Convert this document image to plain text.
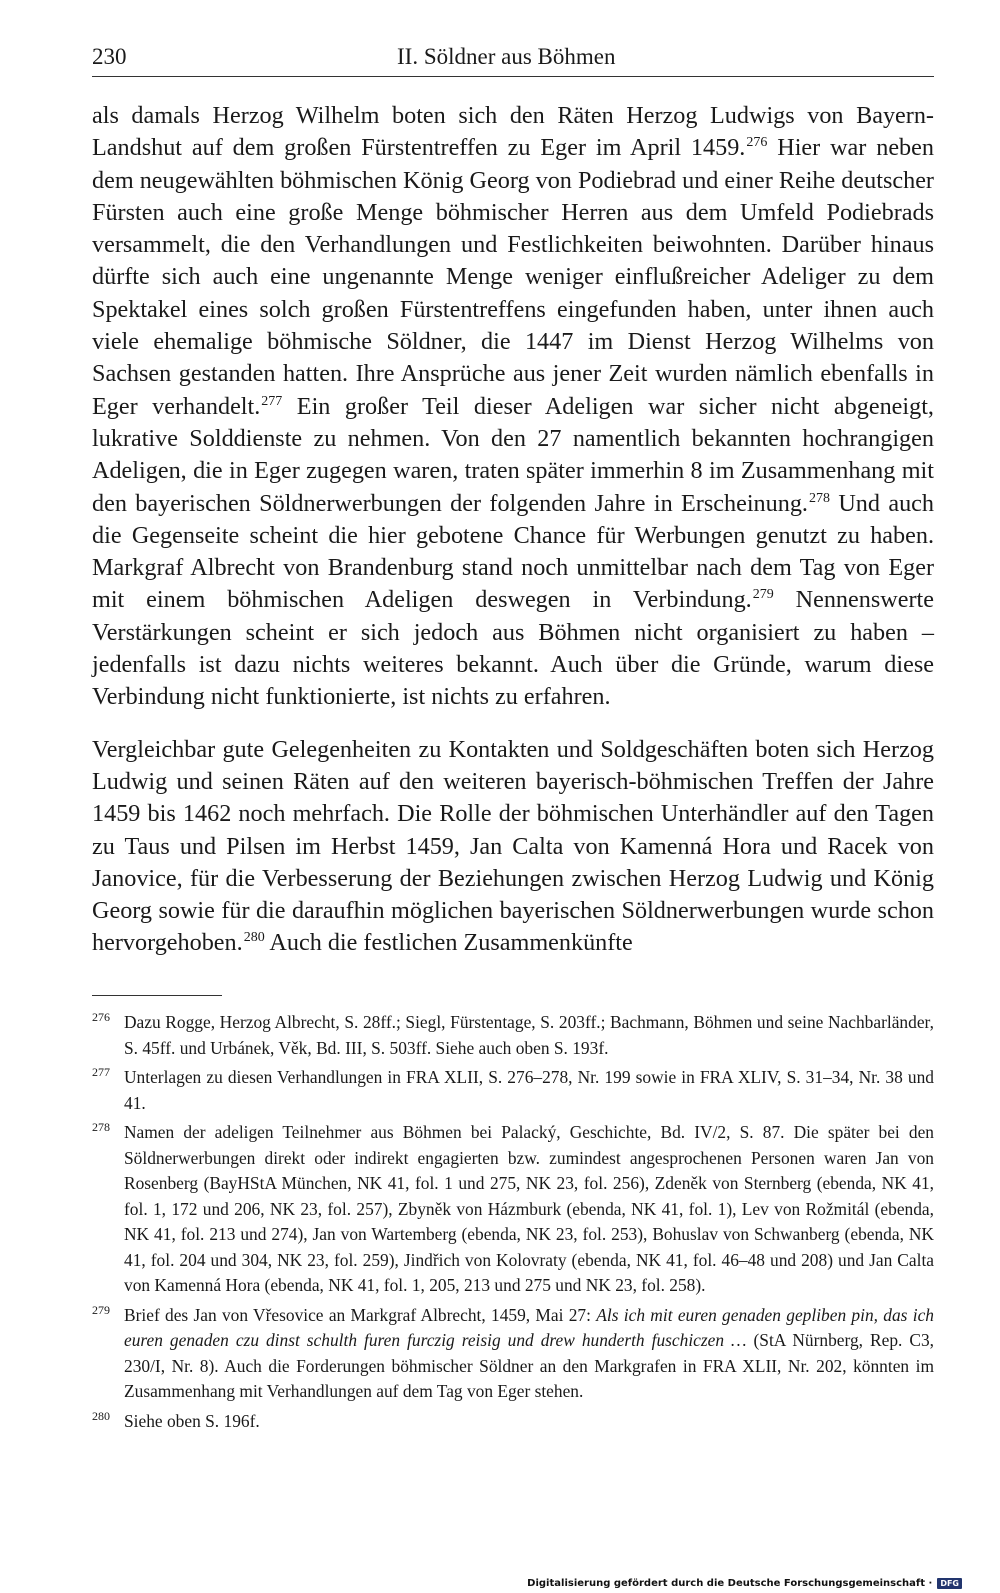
230	II. Söldner aus Böhmen

als damals Herzog Wilhelm boten sich den Räten Herzog Ludwigs von Bayern-Landshut auf dem großen Fürstentreffen zu Eger im April 1459.$^{276}$ Hier war neben dem neugewählten böhmischen König Georg von Podiebrad und einer Reihe deutscher Fürsten auch eine große Menge böhmischer Herren aus dem Umfeld Podiebrads versammelt, die den Verhandlungen und Festlichkeiten beiwohnten. Darüber hinaus dürfte sich auch eine ungenannte Menge weniger einflußreicher Adeliger zu dem Spektakel eines solch großen Fürstentreffens eingefunden haben, unter ihnen auch viele ehemalige böhmische Söldner, die 1447 im Dienst Herzog Wilhelms von Sachsen gestanden hatten. Ihre Ansprüche aus jener Zeit wurden nämlich ebenfalls in Eger verhandelt.$^{277}$ Ein großer Teil dieser Adeligen war sicher nicht abgeneigt, lukrative Solddienste zu nehmen. Von den 27 namentlich bekannten hochrangigen Adeligen, die in Eger zugegen waren, traten später immerhin 8 im Zusammenhang mit den bayerischen Söldnerwerbungen der folgenden Jahre in Erscheinung.$^{278}$ Und auch die Gegenseite scheint die hier gebotene Chance für Werbungen genutzt zu haben. Markgraf Albrecht von Brandenburg stand noch unmittelbar nach dem Tag von Eger mit einem böhmischen Adeligen deswegen in Verbindung.$^{279}$ Nennenswerte Verstärkungen scheint er sich jedoch aus Böhmen nicht organisiert zu haben – jedenfalls ist dazu nichts weiteres bekannt. Auch über die Gründe, warum diese Verbindung nicht funktionierte, ist nichts zu erfahren.

Vergleichbar gute Gelegenheiten zu Kontakten und Soldgeschäften boten sich Herzog Ludwig und seinen Räten auf den weiteren bayerisch-böhmischen Treffen der Jahre 1459 bis 1462 noch mehrfach. Die Rolle der böhmischen Unterhändler auf den Tagen zu Taus und Pilsen im Herbst 1459, Jan Calta von Kamenná Hora und Racek von Janovice, für die Verbesserung der Beziehungen zwischen Herzog Ludwig und König Georg sowie für die daraufhin möglichen bayerischen Söldnerwerbungen wurde schon hervorgehoben.$^{280}$ Auch die festlichen Zusammenkünfte

276 Dazu Rogge, Herzog Albrecht, S. 28ff.; Siegl, Fürstentage, S. 203ff.; Bachmann, Böhmen und seine Nachbarländer, S. 45ff. und Urbánek, Věk, Bd. III, S. 503ff. Siehe auch oben S. 193f.
277 Unterlagen zu diesen Verhandlungen in FRA XLII, S. 276–278, Nr. 199 sowie in FRA XLIV, S. 31–34, Nr. 38 und 41.
278 Namen der adeligen Teilnehmer aus Böhmen bei Palacký, Geschichte, Bd. IV/2, S. 87. Die später bei den Söldnerwerbungen direkt oder indirekt engagierten bzw. zumindest angesprochenen Personen waren Jan von Rosenberg (BayHStA München, NK 41, fol. 1 und 275, NK 23, fol. 256), Zdeněk von Sternberg (ebenda, NK 41, fol. 1, 172 und 206, NK 23, fol. 257), Zbyněk von Házmburk (ebenda, NK 41, fol. 1), Lev von Rožmitál (ebenda, NK 41, fol. 213 und 274), Jan von Wartemberg (ebenda, NK 23, fol. 253), Bohuslav von Schwanberg (ebenda, NK 41, fol. 204 und 304, NK 23, fol. 259), Jindřich von Kolovraty (ebenda, NK 41, fol. 46–48 und 208) und Jan Calta von Kamenná Hora (ebenda, NK 41, fol. 1, 205, 213 und 275 und NK 23, fol. 258).
279 Brief des Jan von Vřesovice an Markgraf Albrecht, 1459, Mai 27: Als ich mit euren genaden gepliben pin, das ich euren genaden czu dinst schulth furen furczig reisig und drew hunderth fuschiczen … (StA Nürnberg, Rep. C3, 230/I, Nr. 8). Auch die Forderungen böhmischer Söldner an den Markgrafen in FRA XLII, Nr. 202, könnten im Zusammenhang mit Verhandlungen auf dem Tag von Eger stehen.
280 Siehe oben S. 196f.
Digitalisierung gefördert durch die Deutsche Forschungsgemeinschaft ·	DFG
